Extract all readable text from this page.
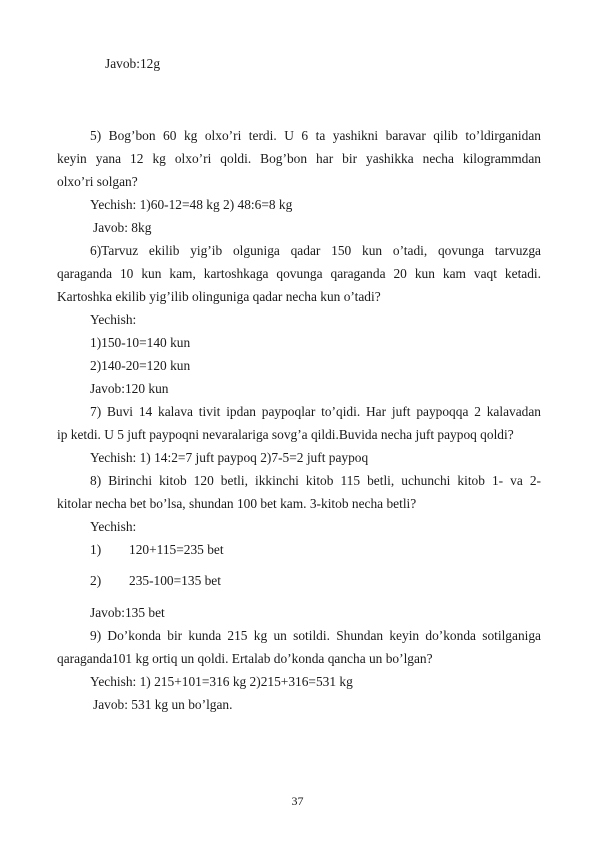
Javob:12g
5) Bog’bon 60 kg olxo’ri terdi. U 6 ta yashikni baravar qilib to’ldirganidan
keyin yana 12 kg olxo’ri qoldi. Bog’bon har bir yashikka necha kilogrammdan
olxo’ri solgan?
Yechish: 1)60-12=48 kg 2) 48:6=8 kg
Javob: 8kg
6)Tarvuz ekilib yig’ib olguniga qadar 150 kun o’tadi, qovunga tarvuzga
qaraganda 10 kun kam, kartoshkaga qovunga qaraganda 20 kun kam vaqt ketadi.
Kartoshka ekilib yig’ilib olinguniga qadar necha kun o’tadi?
Yechish:
1)150-10=140 kun
2)140-20=120 kun
Javob:120 kun
7) Buvi 14 kalava tivit ipdan paypoqlar to’qidi. Har juft paypoqqa 2 kalavadan
ip ketdi. U 5 juft paypoqni nevaralariga sovg’a qildi.Buvida necha juft paypoq qoldi?
Yechish: 1) 14:2=7 juft paypoq 2)7-5=2 juft paypoq
8) Birinchi kitob 120 betli, ikkinchi kitob 115 betli, uchunchi kitob 1- va 2-
kitolar necha bet bo’lsa, shundan 100 bet kam. 3-kitob necha betli?
Yechish:
1) 120+115=235 bet
2) 235-100=135 bet
Javob:135 bet
9) Do’konda bir kunda 215 kg un sotildi. Shundan keyin do’konda sotilganiga
qaraganda101 kg ortiq un qoldi. Ertalab do’konda qancha un bo’lgan?
Yechish: 1) 215+101=316 kg 2)215+316=531 kg
Javob: 531 kg un bo’lgan.
37
